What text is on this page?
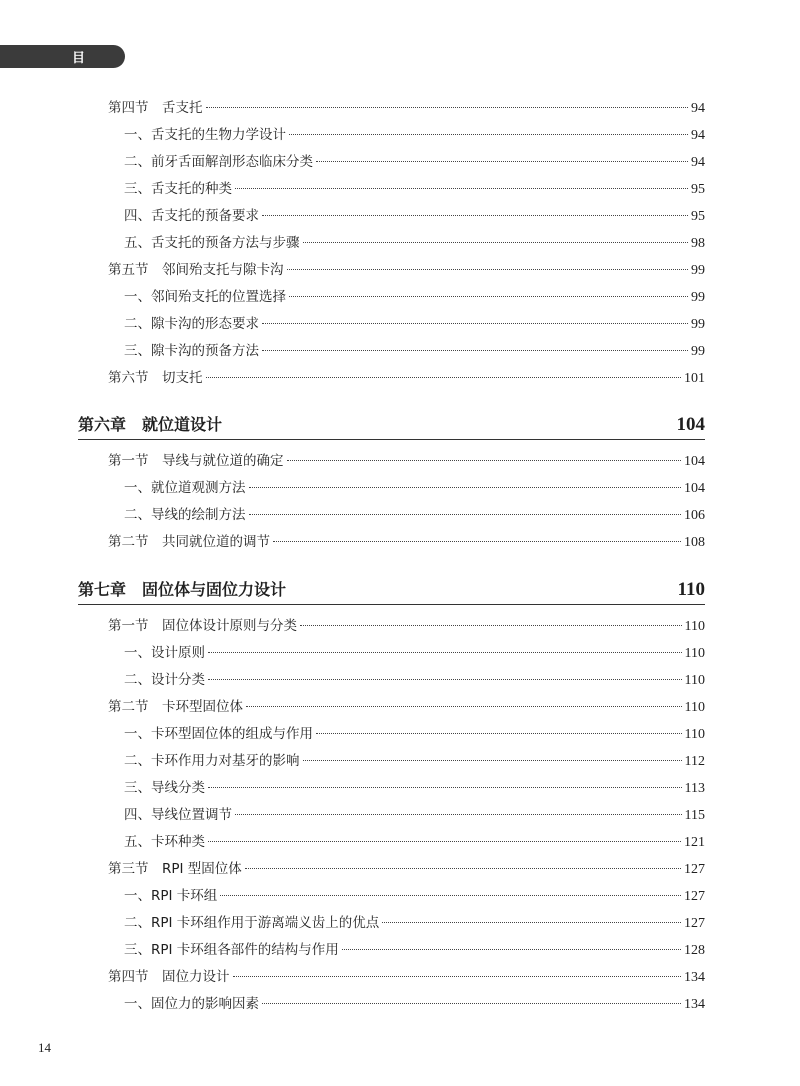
目 录
第四节　舌支托	94
一、舌支托的生物力学设计	94
二、前牙舌面解剖形态临床分类	94
三、舌支托的种类	95
四、舌支托的预备要求	95
五、舌支托的预备方法与步骤	98
第五节　邻间殆支托与隙卡沟	99
一、邻间殆支托的位置选择	99
二、隙卡沟的形态要求	99
三、隙卡沟的预备方法	99
第六节　切支托	101
第六章　就位道设计	104
第一节　导线与就位道的确定	104
一、就位道观测方法	104
二、导线的绘制方法	106
第二节　共同就位道的调节	108
第七章　固位体与固位力设计	110
第一节　固位体设计原则与分类	110
一、设计原则	110
二、设计分类	110
第二节　卡环型固位体	110
一、卡环型固位体的组成与作用	110
二、卡环作用力对基牙的影响	112
三、导线分类	113
四、导线位置调节	115
五、卡环种类	121
第三节　RPI 型固位体	127
一、RPI 卡环组	127
二、RPI 卡环组作用于游离端义齿上的优点	127
三、RPI 卡环组各部件的结构与作用	128
第四节　固位力设计	134
一、固位力的影响因素	134
14
